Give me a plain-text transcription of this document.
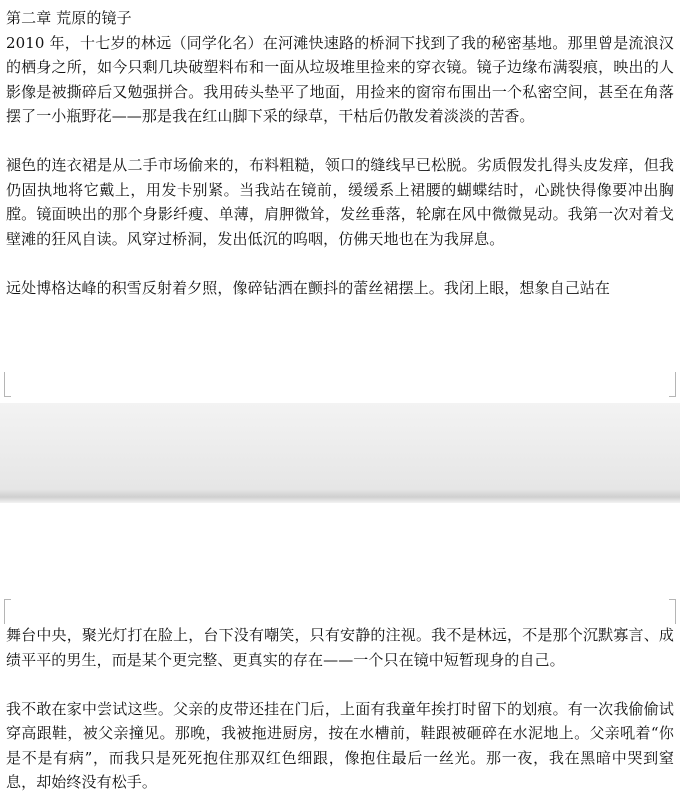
第二章 荒原的镜子

2010 年，十七岁的林远（同学化名）在河滩快速路的桥洞下找到了我的秘密基地。那里曾是流浪汉的栖身之所，如今只剩几块破塑料布和一面从垃圾堆里捡来的穿衣镜。镜子边缘布满裂痕，映出的人影像是被撕碎后又勉强拼合。我用砖头垫平了地面，用捡来的窗帘布围出一个私密空间，甚至在角落摆了一小瓶野花——那是我在红山脚下采的绿草，干枯后仍散发着淡淡的苦香。

褪色的连衣裙是从二手市场偷来的，布料粗糙，领口的缝线早已松脱。劣质假发扎得头皮发痒，但我仍固执地将它戴上，用发卡别紧。当我站在镜前，缓缓系上裙腰的蝴蝶结时，心跳快得像要冲出胸膛。镜面映出的那个身影纤瘦、单薄，肩胛微耸，发丝垂落，轮廓在风中微微晃动。我第一次对着戈壁滩的狂风自读。风穿过桥洞，发出低沉的呜咽，仿佛天地也在为我屏息。

远处博格达峰的积雪反射着夕照，像碎钻洒在颤抖的蕾丝裙摆上。我闭上眼，想象自己站在

舞台中央，聚光灯打在脸上，台下没有嘲笑，只有安静的注视。我不是林远，不是那个沉默寡言、成绩平平的男生，而是某个更完整、更真实的存在——一个只在镜中短暂现身的自己。

我不敢在家中尝试这些。父亲的皮带还挂在门后，上面有我童年挨打时留下的划痕。有一次我偷偷试穿高跟鞋，被父亲撞见。那晚，我被拖进厨房，按在水槽前，鞋跟被砸碎在水泥地上。父亲吼着“你是不是有病”，而我只是死死抱住那双红色细跟，像抱住最后一丝光。那一夜，我在黑暗中哭到窒息，却始终没有松手。
